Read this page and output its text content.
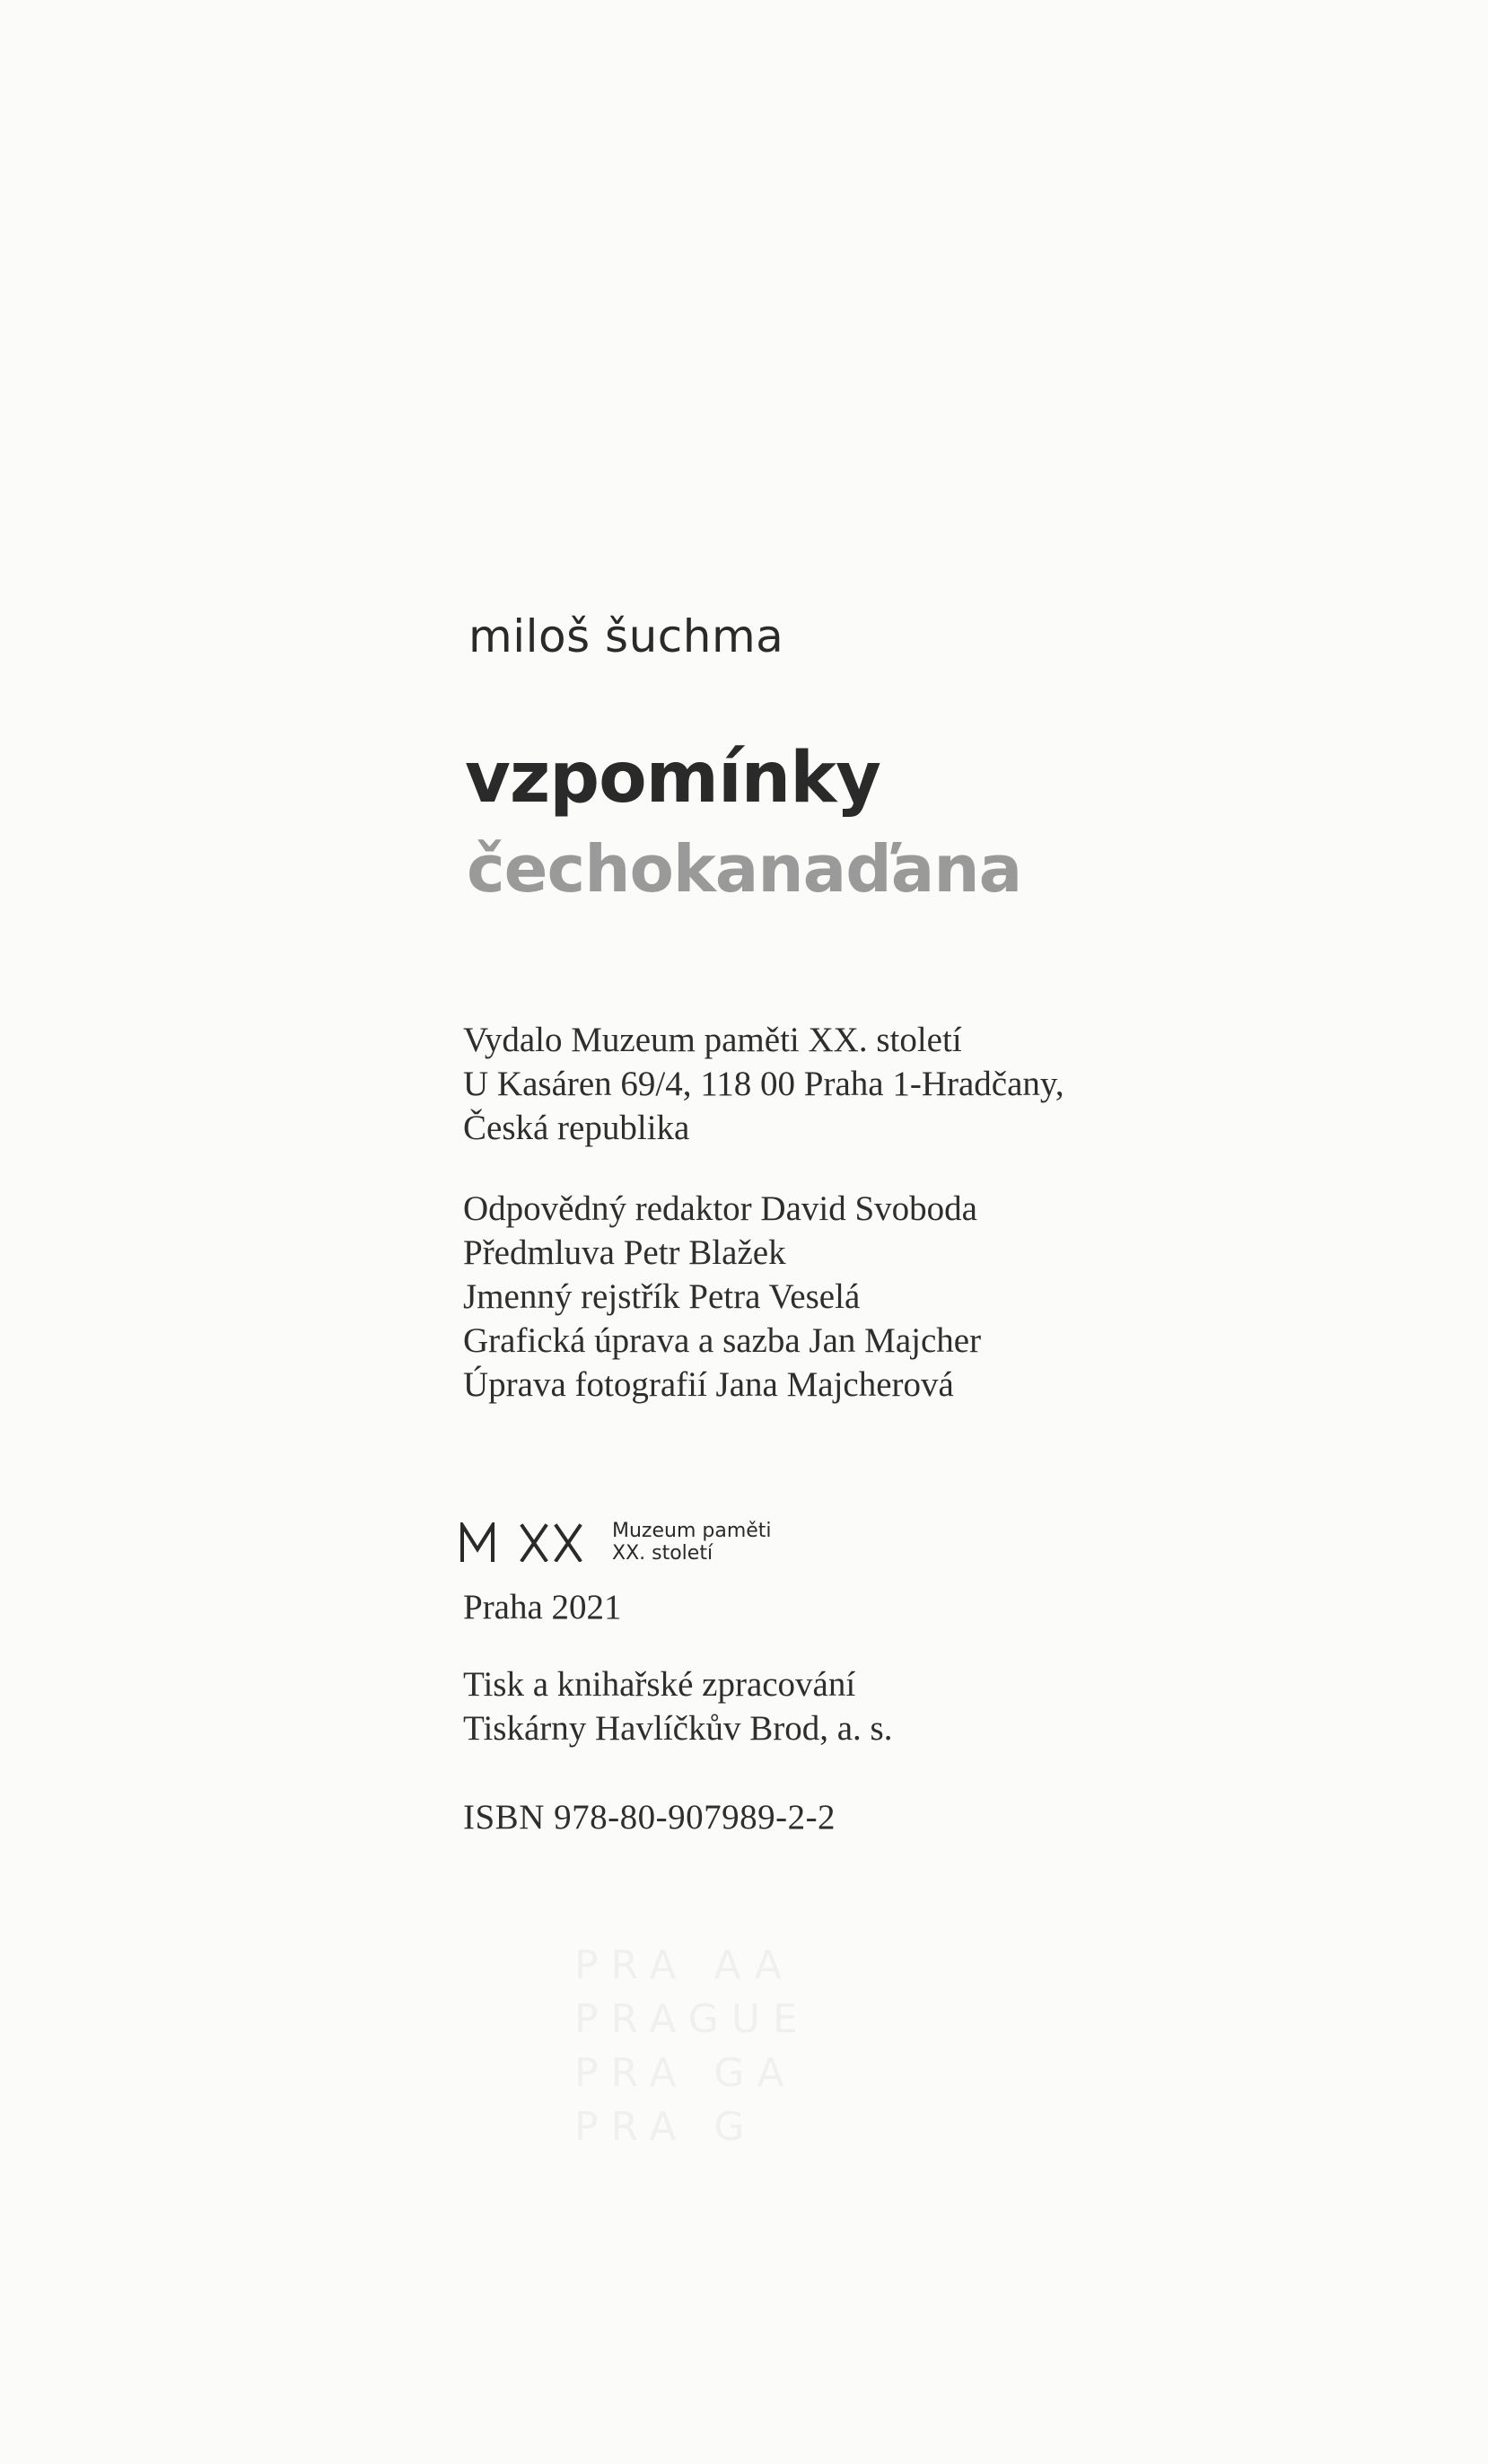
miloš šuchma
vzpomínky
čechokanaďana
Vydalo Muzeum paměti XX. století
U Kasáren 69/4, 118 00 Praha 1-Hradčany,
Česká republika
Odpovědný redaktor David Svoboda
Předmluva Petr Blažek
Jmenný rejstřík Petra Veselá
Grafická úprava a sazba Jan Majcher
Úprava fotografií Jana Majcherová
Muzeum paměti
XX. století
Praha 2021
Tisk a knihařské zpracování
Tiskárny Havlíčkův Brod, a. s.
ISBN 978-80-907989-2-2
PRA AA
PRAGUE
PRA GA
PRA G
